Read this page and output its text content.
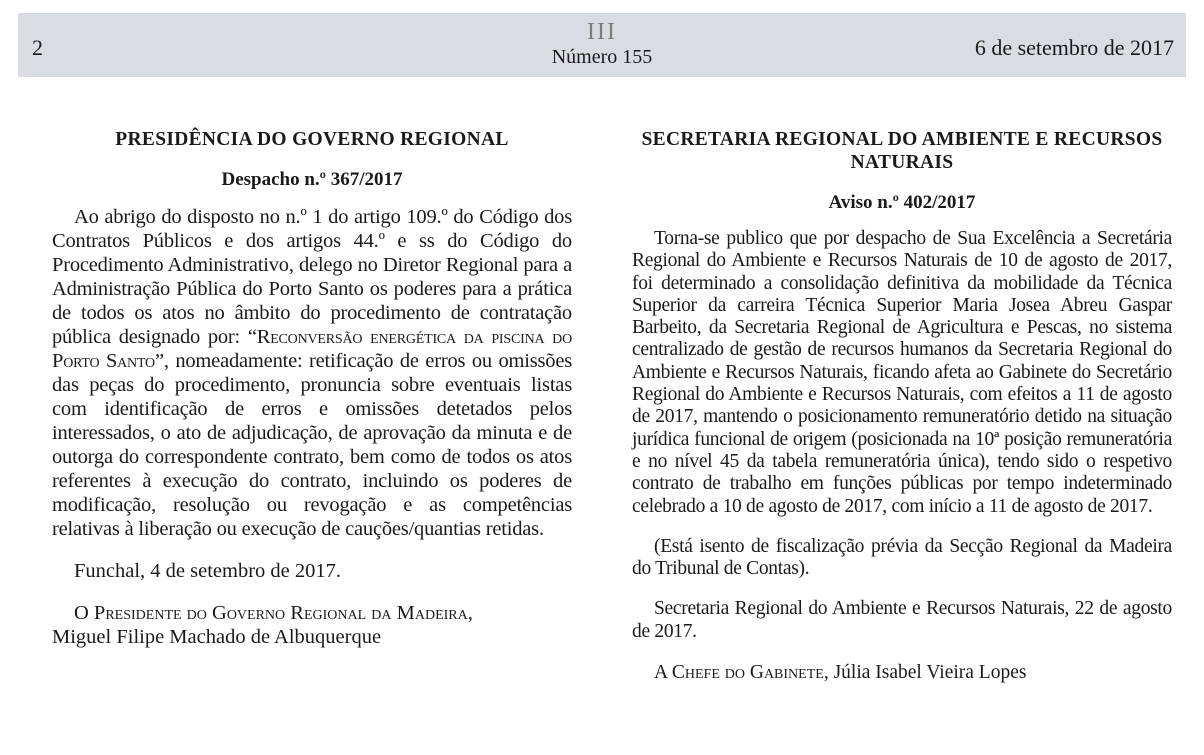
2
III
Número 155	6 de setembro de 2017
PRESIDÊNCIA DO GOVERNO REGIONAL
Despacho n.º 367/2017

Ao abrigo do disposto no n.º 1 do artigo 109.º do Código dos Contratos Públicos e dos artigos 44.º e ss do Código do Procedimento Administrativo, delego no Diretor Regional para a Administração Pública do Porto Santo os poderes para a prática de todos os atos no âmbito do procedimento de contratação pública designado por: “Reconversão energética da piscina do Porto Santo”, nomeadamente: retificação de erros ou omissões das peças do procedimento, pronuncia sobre eventuais listas com identificação de erros e omissões detetados pelos interessados, o ato de adjudicação, de aprovação da minuta e de outorga do correspondente contrato, bem como de todos os atos referentes à execução do contrato, incluindo os poderes de modificação, resolução ou revogação e as competências relativas à liberação ou execução de cauções/quantias retidas.

Funchal, 4 de setembro de 2017.

O Presidente do Governo Regional da Madeira,
Miguel Filipe Machado de Albuquerque

SECRETARIA REGIONAL DO AMBIENTE E RECURSOS NATURAIS
Aviso n.º 402/2017

Torna-se publico que por despacho de Sua Excelência a Secretária Regional do Ambiente e Recursos Naturais de 10 de agosto de 2017, foi determinado a consolidação definitiva da mobilidade da Técnica Superior da carreira Técnica Superior Maria Josea Abreu Gaspar Barbeito, da Secretaria Regional de Agricultura e Pescas, no sistema centralizado de gestão de recursos humanos da Secretaria Regional do Ambiente e Recursos Naturais, ficando afeta ao Gabinete do Secretário Regional do Ambiente e Recursos Naturais, com efeitos a 11 de agosto de 2017, mantendo o posicionamento remuneratório detido na situação jurídica funcional de origem (posicionada na 10ª posição remuneratória e no nível 45 da tabela remuneratória única), tendo sido o respetivo contrato de trabalho em funções públicas por tempo indeterminado celebrado a 10 de agosto de 2017, com início a 11 de agosto de 2017.

(Está isento de fiscalização prévia da Secção Regional da Madeira do Tribunal de Contas).

Secretaria Regional do Ambiente e Recursos Naturais, 22 de agosto de 2017.

A Chefe do Gabinete, Júlia Isabel Vieira Lopes
